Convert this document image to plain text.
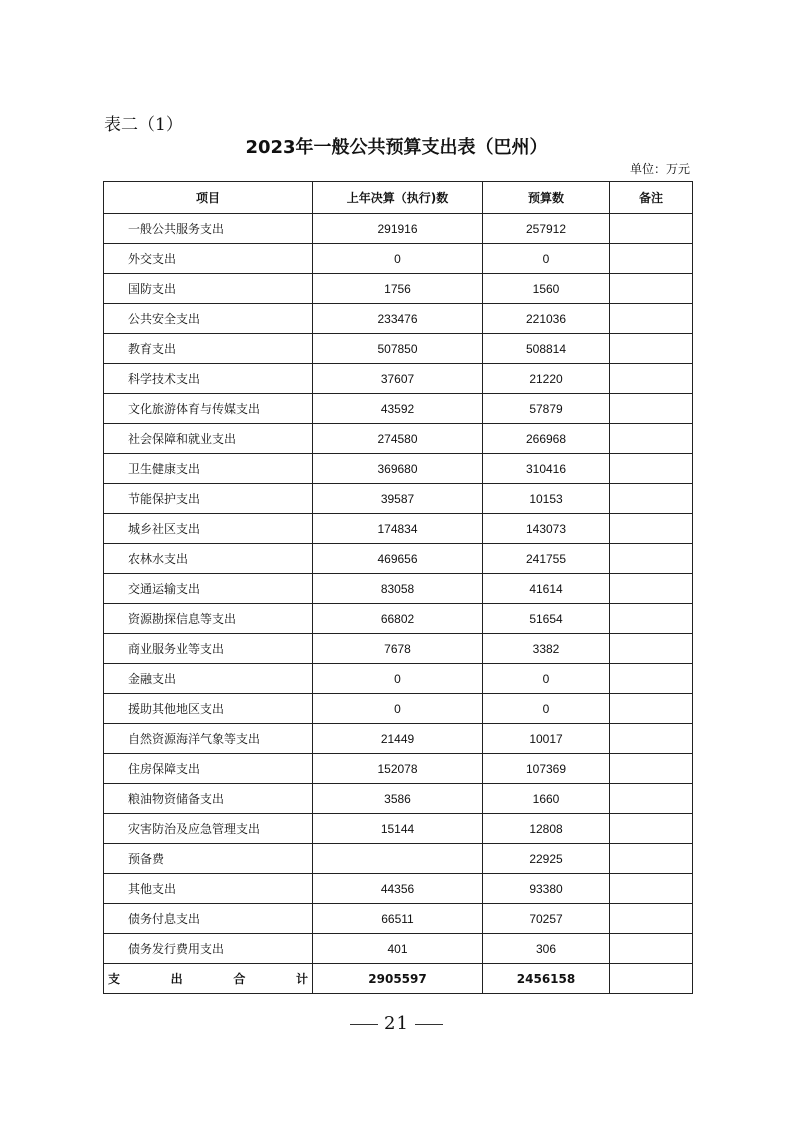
表二（1）
2023年一般公共预算支出表（巴州）
单位：万元
项目	上年决算（执行)数	预算数	备注
一般公共服务支出	291916	257912	
外交支出	0	0	
国防支出	1756	1560	
公共安全支出	233476	221036	
教育支出	507850	508814	
科学技术支出	37607	21220	
文化旅游体育与传媒支出	43592	57879	
社会保障和就业支出	274580	266968	
卫生健康支出	369680	310416	
节能保护支出	39587	10153	
城乡社区支出	174834	143073	
农林水支出	469656	241755	
交通运输支出	83058	41614	
资源勘探信息等支出	66802	51654	
商业服务业等支出	7678	3382	
金融支出	0	0	
援助其他地区支出	0	0	
自然资源海洋气象等支出	21449	10017	
住房保障支出	152078	107369	
粮油物资储备支出	3586	1660	
灾害防治及应急管理支出	15144	12808	
预备费		22925	
其他支出	44356	93380	
债务付息支出	66511	70257	
债务发行费用支出	401	306	

支 出 合 计	2905597	2456158	
21
